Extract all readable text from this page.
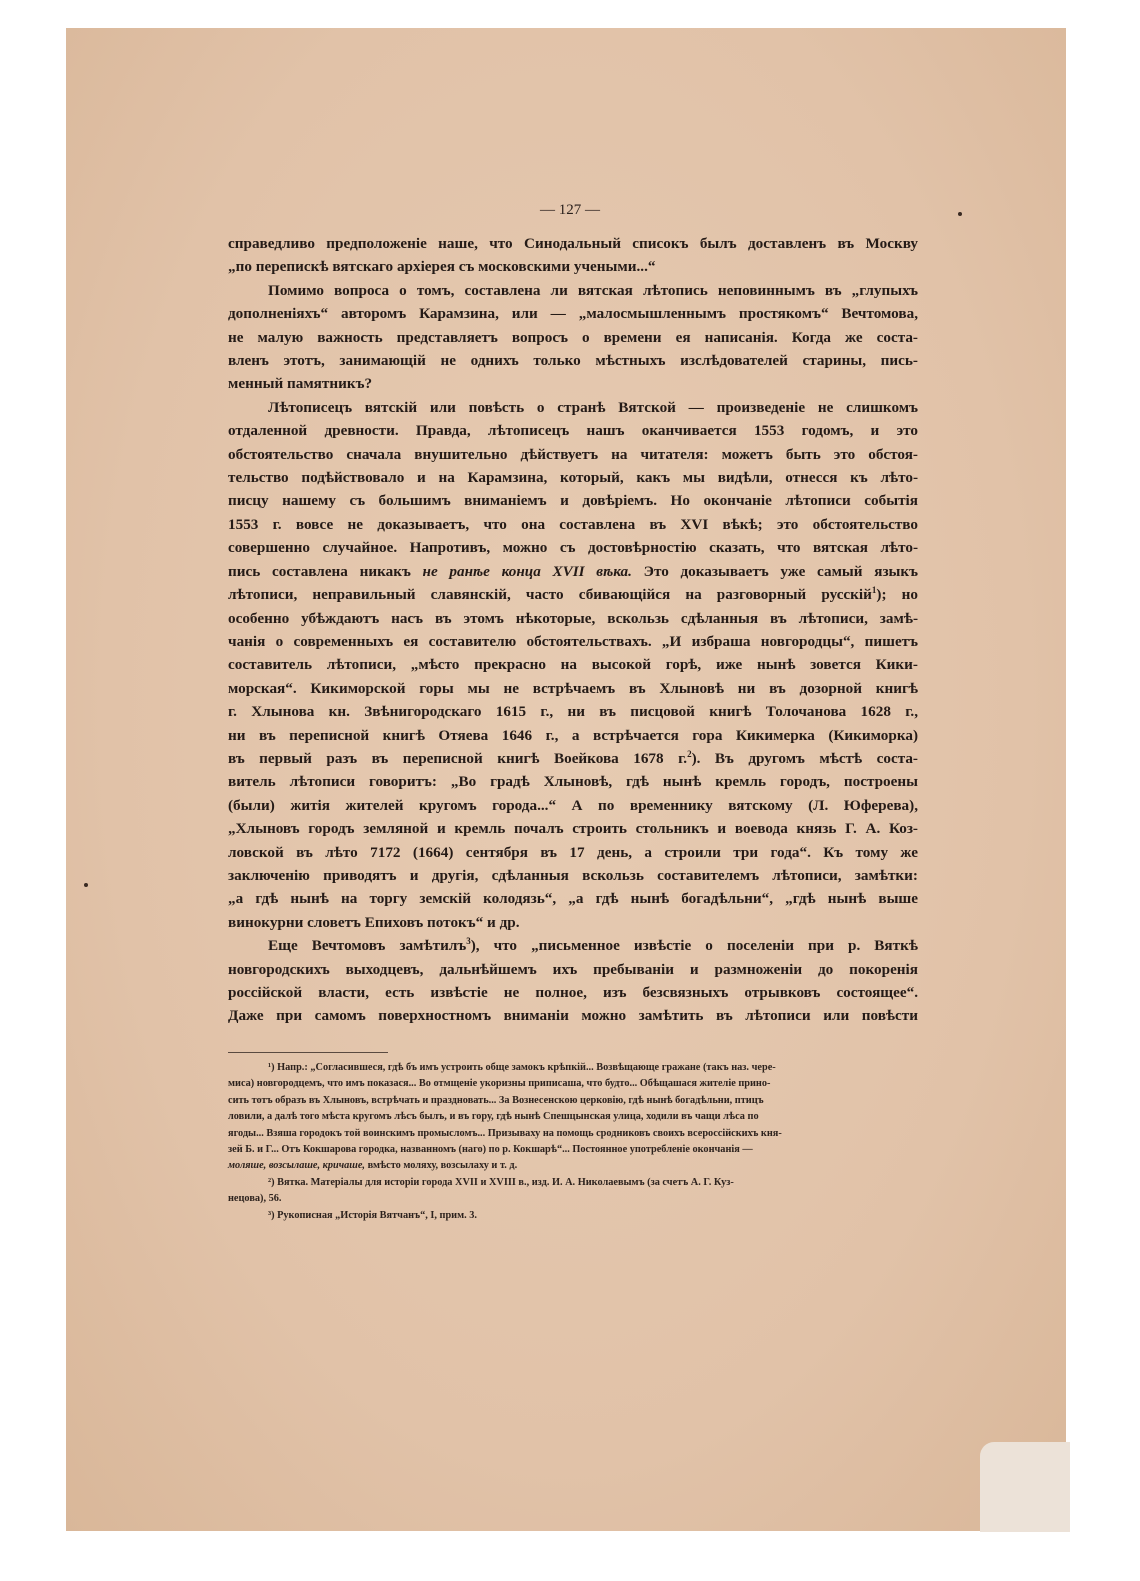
— 127 —

справедливо предположеніе наше, что Синодальный списокъ былъ доставленъ въ Москву

„по перепискѣ вятскаго архіерея съ московскими учеными...“

Помимо вопроса о томъ, составлена ли вятская лѣтопись неповиннымъ въ „глупыхъ

дополненіяхъ“ авторомъ Карамзина, или — „малосмышленнымъ простякомъ“ Вечтомова,

не малую важность представляетъ вопросъ о времени ея написанія. Когда же соста-

вленъ этотъ, занимающій не однихъ только мѣстныхъ изслѣдователей старины, пись-

менный памятникъ?

Лѣтописецъ вятскій или повѣсть о странѣ Вятской — произведеніе не слишкомъ

отдаленной древности. Правда, лѣтописецъ нашъ оканчивается 1553 годомъ, и это

обстоятельство сначала внушительно дѣйствуетъ на читателя: можетъ быть это обстоя-

тельство подѣйствовало и на Карамзина, который, какъ мы видѣли, отнесся къ лѣто-

писцу нашему съ большимъ вниманіемъ и довѣріемъ. Но окончаніе лѣтописи событія

1553 г. вовсе не доказываетъ, что она составлена въ XVI вѣкѣ; это обстоятельство

совершенно случайное. Напротивъ, можно съ достовѣрностію сказать, что вятская лѣто-

пись составлена никакъ не ранѣе конца XVII вѣка. Это доказываетъ уже самый языкъ

лѣтописи, неправильный славянскій, часто сбивающійся на разговорный русскій$^1$); но

особенно убѣждаютъ насъ въ этомъ нѣкоторые, вскользь сдѣланныя въ лѣтописи, замѣ-

чанія о современныхъ ея составителю обстоятельствахъ. „И избраша новгородцы“, пишетъ

составитель лѣтописи, „мѣсто прекрасно на высокой горѣ, иже нынѣ зовется Кики-

морская“. Кикиморской горы мы не встрѣчаемъ въ Хлыновѣ ни въ дозорной книгѣ

г. Хлынова кн. Звѣнигородскаго 1615 г., ни въ писцовой книгѣ Толочанова 1628 г.,

ни въ переписной книгѣ Отяева 1646 г., а встрѣчается гора Кикимерка (Кикиморка)

въ первый разъ въ переписной книгѣ Воейкова 1678 г.$^2$). Въ другомъ мѣстѣ соста-

витель лѣтописи говоритъ: „Во градѣ Хлыновѣ, гдѣ нынѣ кремль городъ, построены

(были) житія жителей кругомъ города...“ А по временнику вятскому (Л. Юферева),

„Хлыновъ городъ земляной и кремль почалъ строить стольникъ и воевода князь Г. А. Коз-

ловской въ лѣто 7172 (1664) сентября въ 17 день, а строили три года“. Къ тому же

заключенію приводятъ и другія, сдѣланныя вскользь составителемъ лѣтописи, замѣтки:

„а гдѣ нынѣ на торгу земскій колодязь“, „а гдѣ нынѣ богадѣльни“, „гдѣ нынѣ выше

винокурни словетъ Епиховъ потокъ“ и др.

Еще Вечтомовъ замѣтилъ$^3$), что „письменное извѣстіе о поселеніи при р. Вяткѣ

новгородскихъ выходцевъ, дальнѣйшемъ ихъ пребываніи и размноженіи до покоренія

россійской власти, есть извѣстіе не полное, изъ безсвязныхъ отрывковъ состоящее“.

Даже при самомъ поверхностномъ вниманіи можно замѣтить въ лѣтописи или повѣсти

¹) Напр.: „Согласившеся, гдѣ бъ имъ устроить обще замокъ крѣпкій... Возвѣщающе гражане (такъ наз. чере-

миса) новгородцемъ, что имъ показася... Во отмщеніе укоризны приписаша, что будто... Обѣщашася жителіе прино-

сить тотъ образъ въ Хлыновъ, встрѣчать и праздновать... За Вознесенскою церковію, гдѣ нынѣ богадѣльни, птицъ

ловили, а далѣ того мѣста кругомъ лѣсъ былъ, и въ гору, гдѣ нынѣ Спешцынская улица, ходили въ чащи лѣса по

ягоды... Взяша городокъ той воинскимъ промысломъ... Призываху на помощь сродниковъ своихъ всероссійскихъ кня-

зей Б. и Г... Отъ Кокшарова городка, названномъ (наго) по р. Кокшарѣ“... Постоянное употребленіе окончанія —

моляше, возсылаше, кричаше, вмѣсто моляху, возсылаху и т. д.

²) Вятка. Матеріалы для исторіи города XVII и XVIII в., изд. И. А. Николаевымъ (за счетъ А. Г. Куз-

нецова), 56.

³) Рукописная „Исторія Вятчанъ“, I, прим. 3.
